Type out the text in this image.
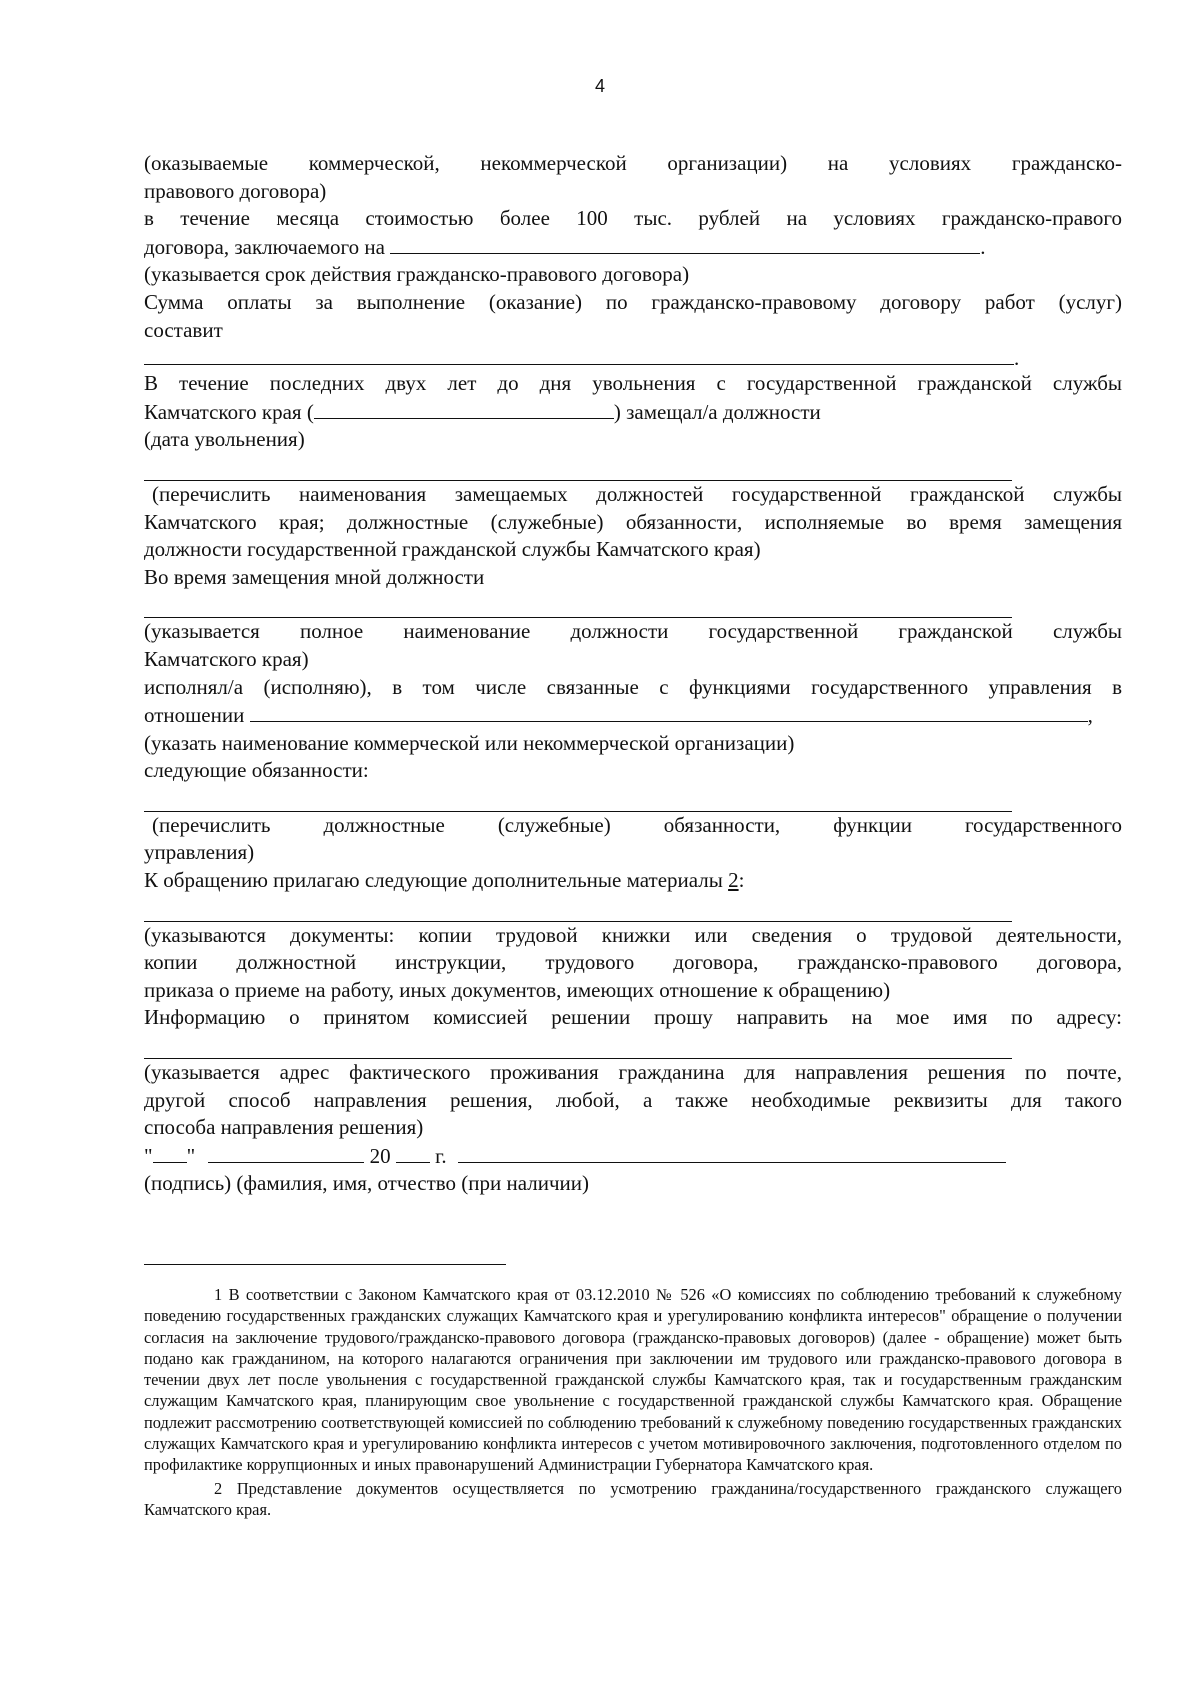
4

(оказываемые коммерческой, некоммерческой организации) на условиях гражданско-

правового договора)

в течение месяца стоимостью более 100 тыс. рублей на условиях гражданско-правого

договора, заключаемого на	.

(указывается срок действия гражданско-правового договора)

Сумма оплаты за выполнение (оказание) по гражданско-правовому договору работ (услуг)

составит

.

В течение последних двух лет до дня увольнения с государственной гражданской службы

Камчатского края (	) замещал/а должности

(дата увольнения)

(перечислить наименования замещаемых должностей государственной гражданской службы

Камчатского края; должностные (служебные) обязанности, исполняемые во время замещения

должности государственной гражданской службы Камчатского края)

Во время замещения мной должности

(указывается полное наименование должности государственной гражданской службы

Камчатского края)

исполнял/а (исполняю), в том числе связанные с функциями государственного управления в

отношении	,

(указать наименование коммерческой или некоммерческой организации)

следующие обязанности:

(перечислить должностные (служебные) обязанности, функции государственного

управления)

К обращению прилагаю следующие дополнительные материалы 2:

(указываются документы: копии трудовой книжки или сведения о трудовой деятельности,

копии должностной инструкции, трудового договора, гражданско-правового договора,

приказа о приеме на работу, иных документов, имеющих отношение к обращению)

Информацию о принятом комиссией решении прошу направить на мое имя по адресу:

(указывается адрес фактического проживания гражданина для направления решения по почте,

другой способ направления решения, любой, а также необходимые реквизиты для такого

способа направления решения)

" "	20 г.

(подпись) (фамилия, имя, отчество (при наличии)

1 В соответствии с Законом Камчатского края от 03.12.2010 № 526 «О комиссиях по соблюдению требований к служебному поведению государственных гражданских служащих Камчатского края и урегулированию конфликта интересов" обращение о получении согласия на заключение трудового/гражданско-правового договора (гражданско-правовых договоров) (далее - обращение) может быть подано как гражданином, на которого налагаются ограничения при заключении им трудового или гражданско-правового договора в течении двух лет после увольнения с государственной гражданской службы Камчатского края, так и государственным гражданским служащим Камчатского края, планирующим свое увольнение с государственной гражданской службы Камчатского края. Обращение подлежит рассмотрению соответствующей комиссией по соблюдению требований к служебному поведению государственных гражданских служащих Камчатского края и урегулированию конфликта интересов с учетом мотивировочного заключения, подготовленного отделом по профилактике коррупционных и иных правонарушений Администрации Губернатора Камчатского края.

2 Представление документов осуществляется по усмотрению гражданина/государственного гражданского служащего Камчатского края.
